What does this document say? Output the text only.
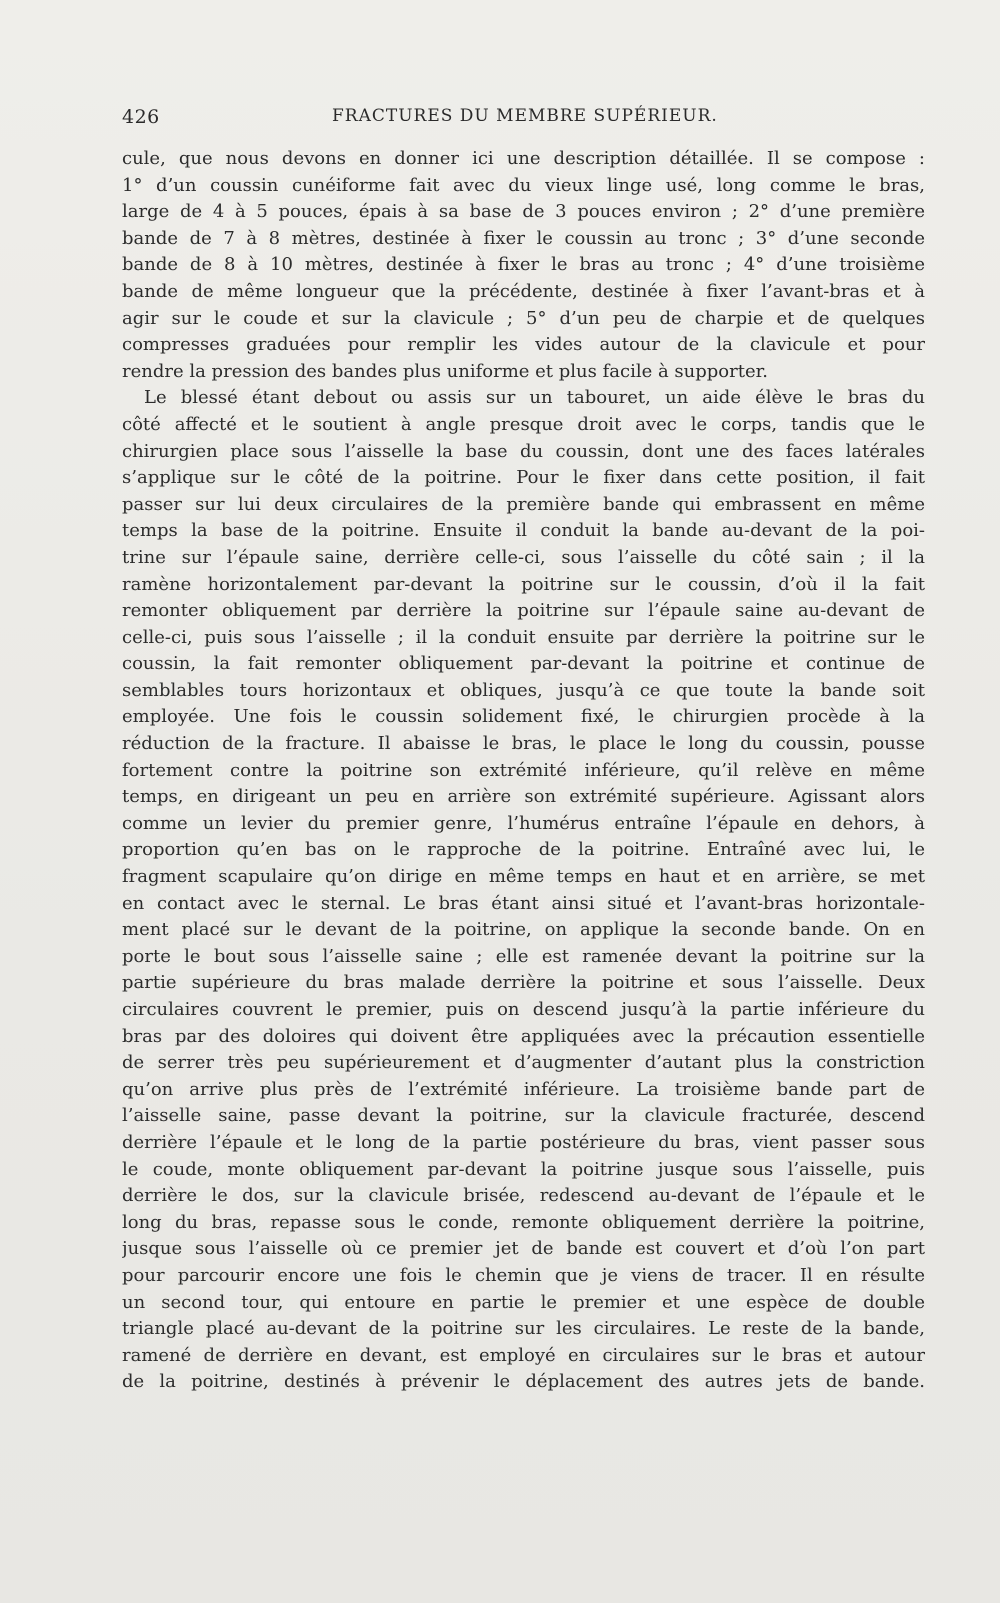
426	FRACTURES DU MEMBRE SUPÉRIEUR.
cule, que nous devons en donner ici une description détaillée. Il se compose :
1° d’un coussin cunéiforme fait avec du vieux linge usé, long comme le bras,
large de 4 à 5 pouces, épais à sa base de 3 pouces environ ; 2° d’une première
bande de 7 à 8 mètres, destinée à fixer le coussin au tronc ; 3° d’une seconde
bande de 8 à 10 mètres, destinée à fixer le bras au tronc ; 4° d’une troisième
bande de même longueur que la précédente, destinée à fixer l’avant-bras et à
agir sur le coude et sur la clavicule ; 5° d’un peu de charpie et de quelques
compresses graduées pour remplir les vides autour de la clavicule et pour
rendre la pression des bandes plus uniforme et plus facile à supporter.
Le blessé étant debout ou assis sur un tabouret, un aide élève le bras du
côté affecté et le soutient à angle presque droit avec le corps, tandis que le
chirurgien place sous l’aisselle la base du coussin, dont une des faces latérales
s’applique sur le côté de la poitrine. Pour le fixer dans cette position, il fait
passer sur lui deux circulaires de la première bande qui embrassent en même
temps la base de la poitrine. Ensuite il conduit la bande au-devant de la poi-
trine sur l’épaule saine, derrière celle-ci, sous l’aisselle du côté sain ; il la
ramène horizontalement par-devant la poitrine sur le coussin, d’où il la fait
remonter obliquement par derrière la poitrine sur l’épaule saine au-devant de
celle-ci, puis sous l’aisselle ; il la conduit ensuite par derrière la poitrine sur le
coussin, la fait remonter obliquement par-devant la poitrine et continue de
semblables tours horizontaux et obliques, jusqu’à ce que toute la bande soit
employée. Une fois le coussin solidement fixé, le chirurgien procède à la
réduction de la fracture. Il abaisse le bras, le place le long du coussin, pousse
fortement contre la poitrine son extrémité inférieure, qu’il relève en même
temps, en dirigeant un peu en arrière son extrémité supérieure. Agissant alors
comme un levier du premier genre, l’humérus entraîne l’épaule en dehors, à
proportion qu’en bas on le rapproche de la poitrine. Entraîné avec lui, le
fragment scapulaire qu’on dirige en même temps en haut et en arrière, se met
en contact avec le sternal. Le bras étant ainsi situé et l’avant-bras horizontale-
ment placé sur le devant de la poitrine, on applique la seconde bande. On en
porte le bout sous l’aisselle saine ; elle est ramenée devant la poitrine sur la
partie supérieure du bras malade derrière la poitrine et sous l’aisselle. Deux
circulaires couvrent le premier, puis on descend jusqu’à la partie inférieure du
bras par des doloires qui doivent être appliquées avec la précaution essentielle
de serrer très peu supérieurement et d’augmenter d’autant plus la constriction
qu’on arrive plus près de l’extrémité inférieure. La troisième bande part de
l’aisselle saine, passe devant la poitrine, sur la clavicule fracturée, descend
derrière l’épaule et le long de la partie postérieure du bras, vient passer sous
le coude, monte obliquement par-devant la poitrine jusque sous l’aisselle, puis
derrière le dos, sur la clavicule brisée, redescend au-devant de l’épaule et le
long du bras, repasse sous le conde, remonte obliquement derrière la poitrine,
jusque sous l’aisselle où ce premier jet de bande est couvert et d’où l’on part
pour parcourir encore une fois le chemin que je viens de tracer. Il en résulte
un second tour, qui entoure en partie le premier et une espèce de double
triangle placé au-devant de la poitrine sur les circulaires. Le reste de la bande,
ramené de derrière en devant, est employé en circulaires sur le bras et autour
de la poitrine, destinés à prévenir le déplacement des autres jets de bande.
